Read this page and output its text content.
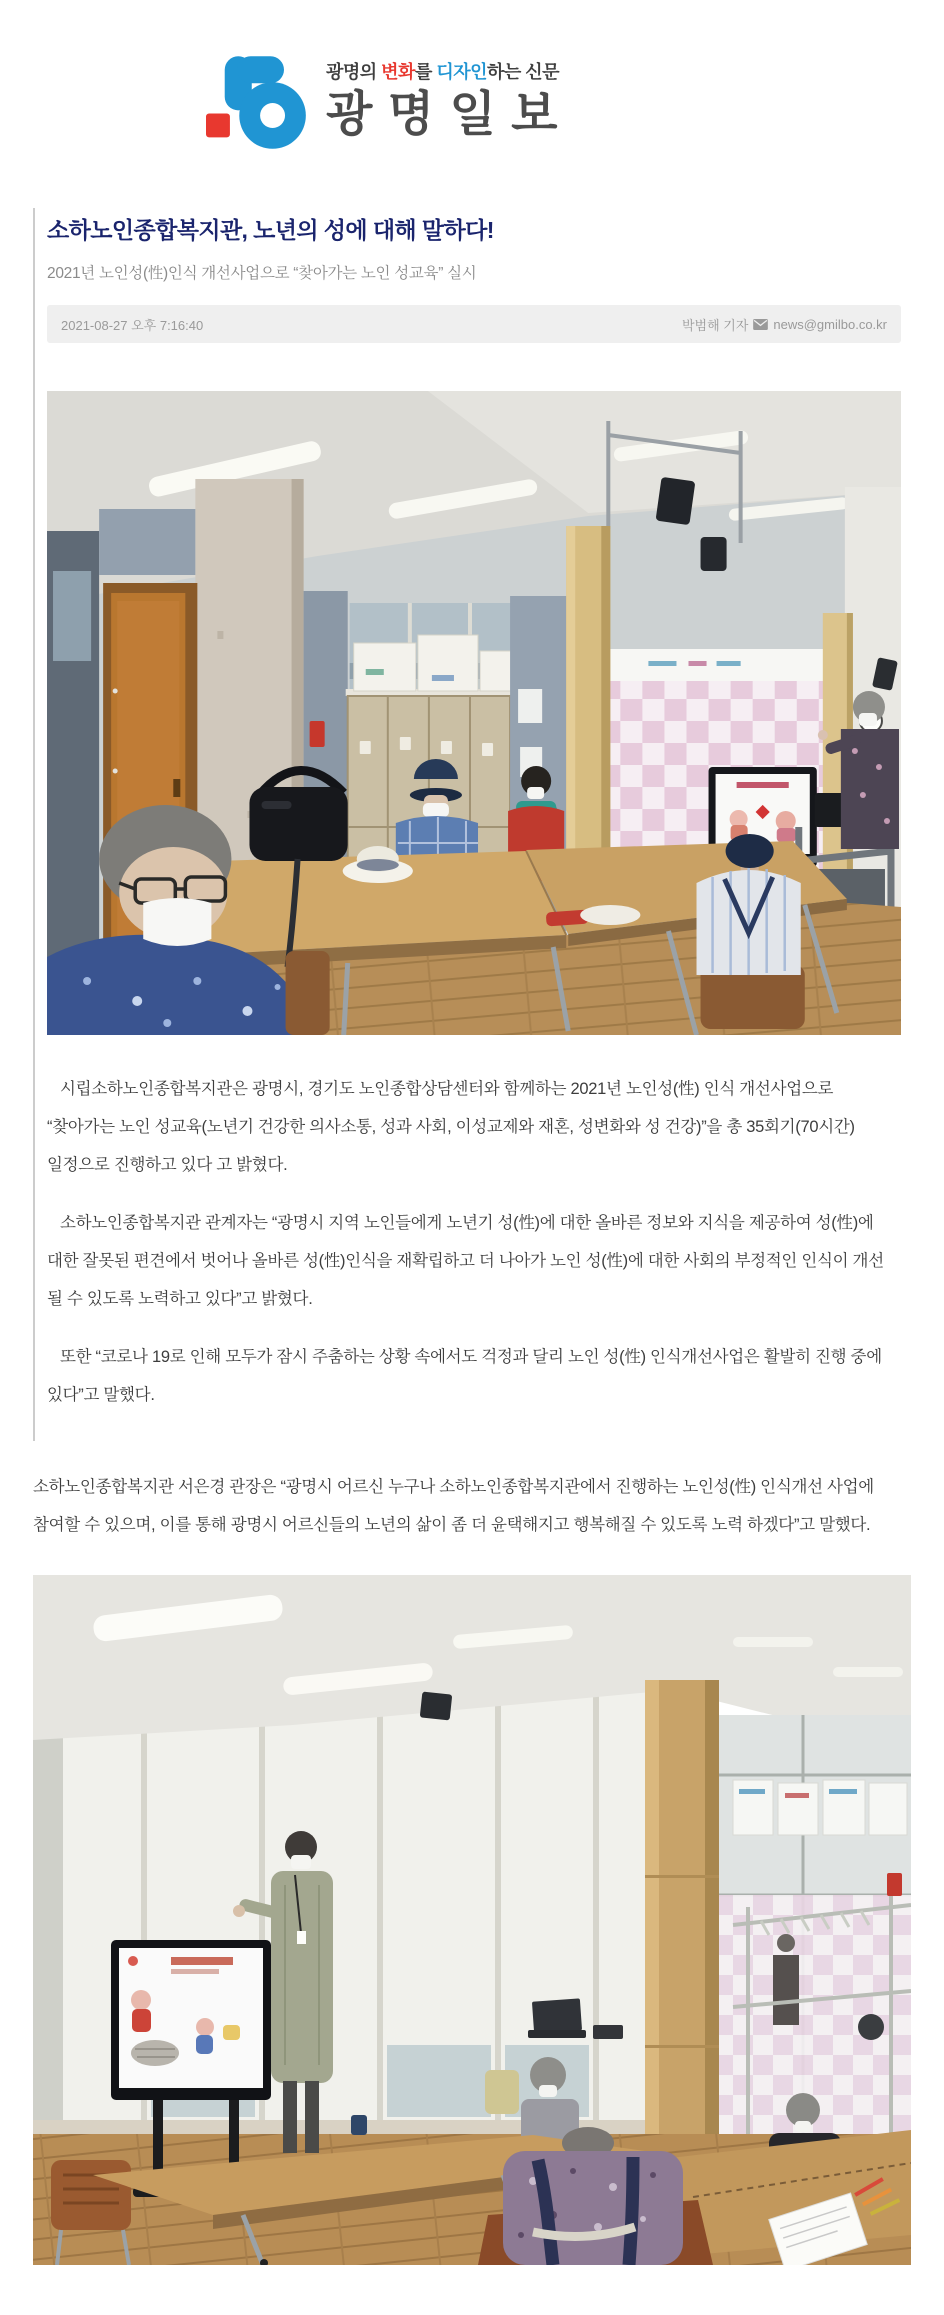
광명의 변화를 디자인하는 신문
광명일보
소하노인종합복지관, 노년의 성에 대해 말하다!
2021년 노인성(性)인식 개선사업으로 “찾아가는 노인 성교육” 실시
2021-08-27 오후 7:16:40	박범해 기자 news@gmilbo.co.kr

시립소하노인종합복지관은 광명시, 경기도 노인종합상담센터와 함께하는 2021년 노인성(性) 인식 개선사업으로 “찾아가는 노인 성교육(노년기 건강한 의사소통, 성과 사회, 이성교제와 재혼, 성변화와 성 건강)”을 총 35회기(70시간) 일정으로 진행하고 있다 고 밝혔다.

소하노인종합복지관 관계자는 “광명시 지역 노인들에게 노년기 성(性)에 대한 올바른 정보와 지식을 제공하여 성(性)에 대한 잘못된 편견에서 벗어나 올바른 성(性)인식을 재확립하고 더 나아가 노인 성(性)에 대한 사회의 부정적인 인식이 개선 될 수 있도록 노력하고 있다”고 밝혔다.

또한 “코로나 19로 인해 모두가 잠시 주춤하는 상황 속에서도 걱정과 달리 노인 성(性) 인식개선사업은 활발히 진행 중에 있다”고 말했다.

소하노인종합복지관 서은경 관장은 “광명시 어르신 누구나 소하노인종합복지관에서 진행하는 노인성(性) 인식개선 사업에 참여할 수 있으며, 이를 통해 광명시 어르신들의 노년의 삶이 좀 더 윤택해지고 행복해질 수 있도록 노력 하겠다”고 말했다.
